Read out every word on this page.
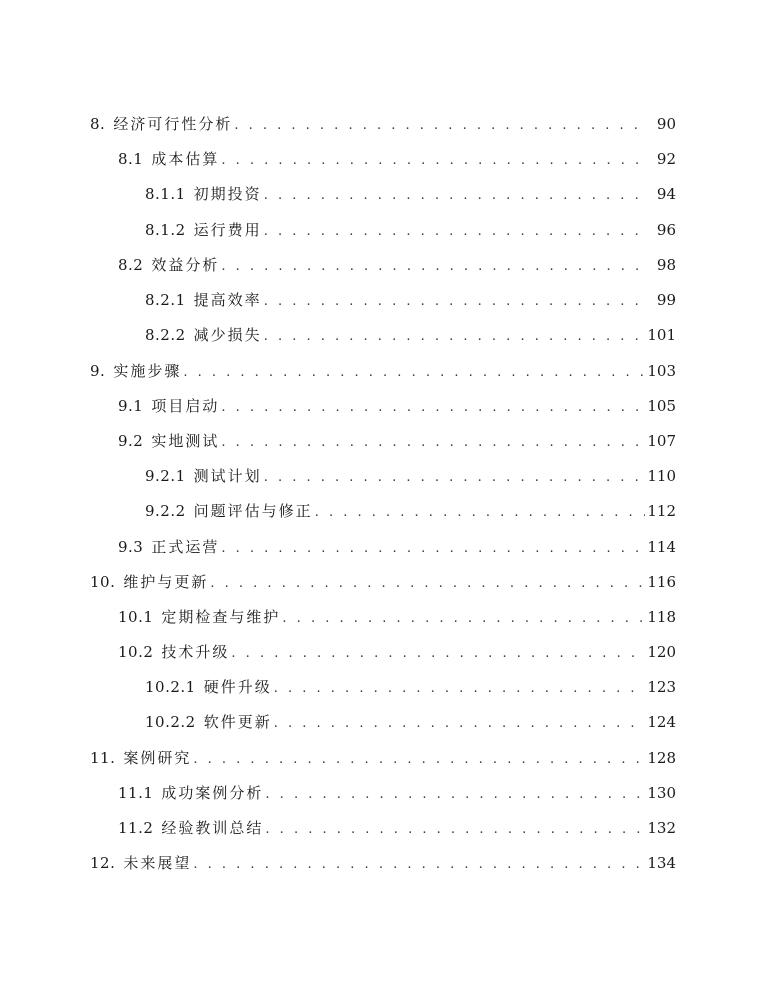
8. 经济可行性分析 . . .	90
8.1 成本估算 . . .	92
8.1.1 初期投资 . . .	94
8.1.2 运行费用 . . .	96
8.2 效益分析 . . .	98
8.2.1 提高效率 . . .	99
8.2.2 减少损失 . . .	101
9. 实施步骤 . . .	103
9.1 项目启动 . . .	105
9.2 实地测试 . . .	107
9.2.1 测试计划 . . .	110
9.2.2 问题评估与修正 . . .	112
9.3 正式运营 . . .	114
10. 维护与更新 . . .	116
10.1 定期检查与维护 . . .	118
10.2 技术升级 . . .	120
10.2.1 硬件升级 . . .	123
10.2.2 软件更新 . . .	124
11. 案例研究 . . .	128
11.1 成功案例分析 . . .	130
11.2 经验教训总结 . . .	132
12. 未来展望 . . .	134
